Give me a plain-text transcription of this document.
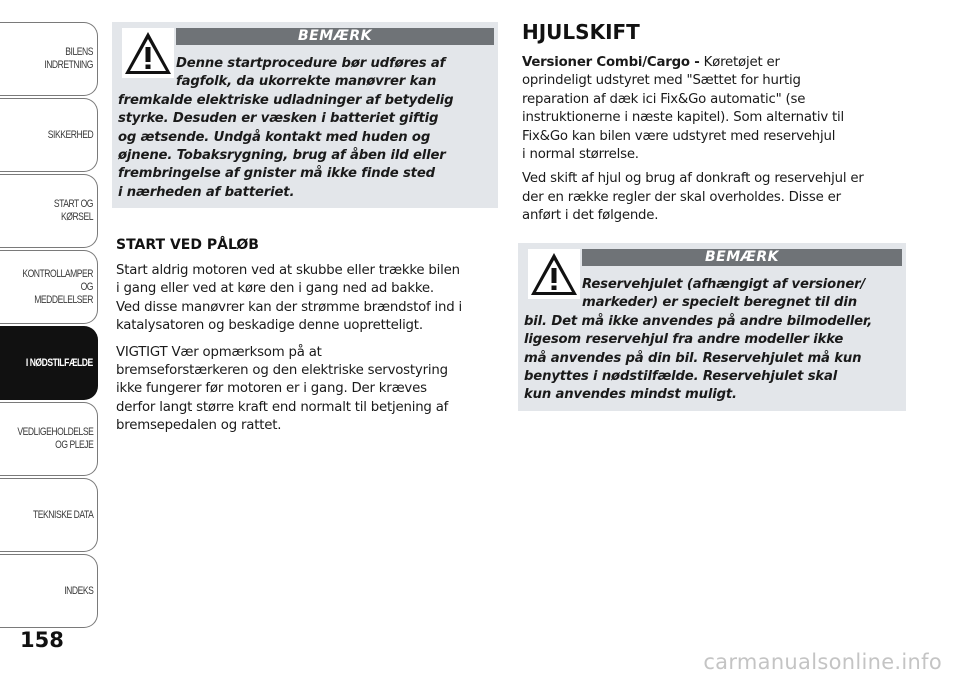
BILENS INDRETNING
SIKKERHED
START OG KØRSEL
KONTROLLAMPER
OG MEDDELELSER
I NØDSTILFÆLDE
VEDLIGEHOLDELSE
OG PLEJE
TEKNISKE DATA
INDEKS
158
BEMÆRK
Denne startprocedure bør udføres af
fagfolk, da ukorrekte manøvrer kan
fremkalde elektriske udladninger af betydelig
styrke. Desuden er væsken i batteriet giftig
og ætsende. Undgå kontakt med huden og
øjnene. Tobaksrygning, brug af åben ild eller
frembringelse af gnister må ikke finde sted
i nærheden af batteriet.
START VED PÅLØB

Start aldrig motoren ved at skubbe eller trække bilen
i gang eller ved at køre den i gang ned ad bakke.
Ved disse manøvrer kan der strømme brændstof ind i
katalysatoren og beskadige denne uopretteligt.

VIGTIGT Vær opmærksom på at
bremseforstærkeren og den elektriske servostyring
ikke fungerer før motoren er i gang. Der kræves
derfor langt større kraft end normalt til betjening af
bremsepedalen og rattet.

HJULSKIFT

Versioner Combi/Cargo - Køretøjet er
oprindeligt udstyret med "Sættet for hurtig
reparation af dæk ici Fix&Go automatic" (se
instruktionerne i næste kapitel). Som alternativ til
Fix&Go kan bilen være udstyret med reservehjul
i normal størrelse.

Ved skift af hjul og brug af donkraft og reservehjul er
der en række regler der skal overholdes. Disse er
anført i det følgende.

BEMÆRK
Reservehjulet (afhængigt af versioner/
markeder) er specielt beregnet til din
bil. Det må ikke anvendes på andre bilmodeller,
ligesom reservehjul fra andre modeller ikke
må anvendes på din bil. Reservehjulet må kun
benyttes i nødstilfælde. Reservehjulet skal
kun anvendes mindst muligt.
carmanualsonline.info
